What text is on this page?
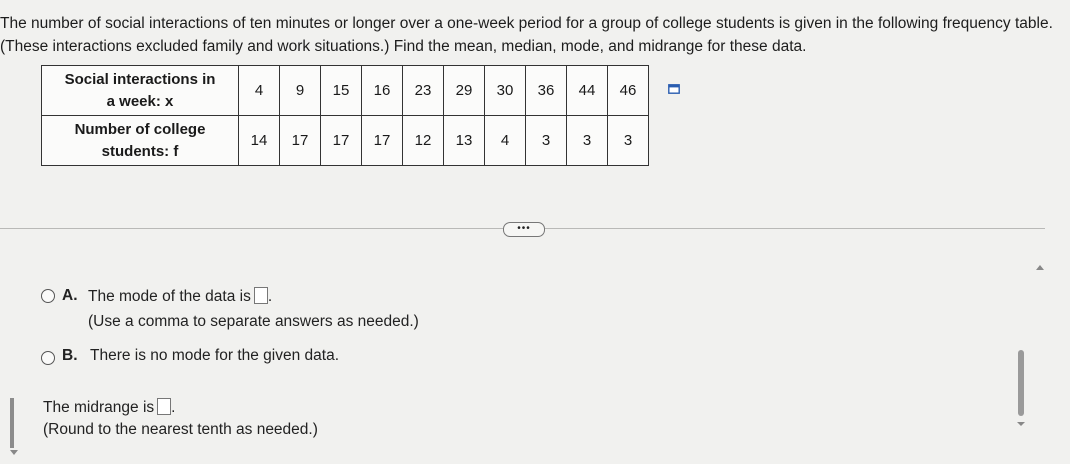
The number of social interactions of ten minutes or longer over a one-week period for a group of college students is given in the following frequency table. (These interactions excluded family and work situations.) Find the mean, median, mode, and midrange for these data.
Social interactions in
a week: x	4	9	15	16	23	29	30	36	44	46
Number of college
students: f	14	17	17	17	12	13	4	3	3	3
•••
A. The mode of the data is .
(Use a comma to separate answers as needed.)
B. There is no mode for the given data.
The midrange is .
(Round to the nearest tenth as needed.)
